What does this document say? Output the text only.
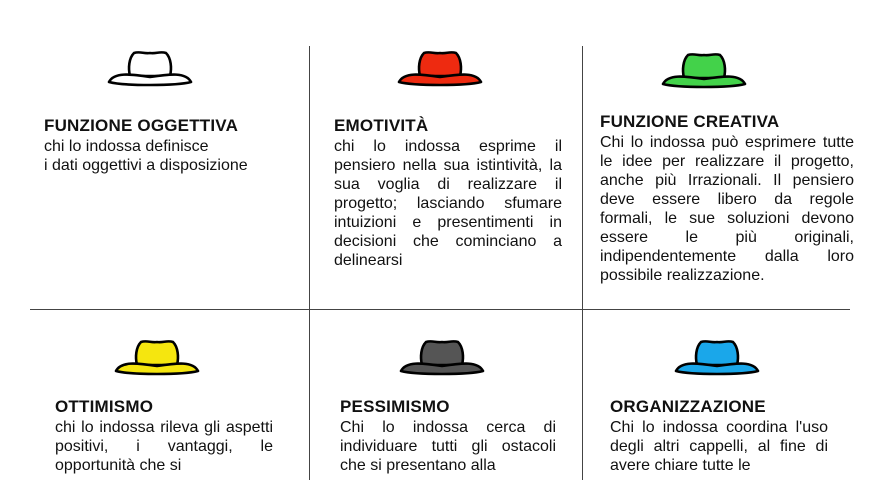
FUNZIONE OGGETTIVA
chi lo indossa definisce
i dati oggettivi a disposizione
EMOTIVITÀ

chi lo indossa esprime il pensiero nella sua istintività, la sua voglia di realizzare il progetto; lasciando sfumare intuizioni e presentimenti in decisioni che cominciano a delinearsi

FUNZIONE CREATIVA

Chi lo indossa può esprimere tutte le idee per realizzare il progetto, anche più Irrazionali. Il pensiero deve essere libero da regole formali, le sue soluzioni devono essere le più originali, indipendentemente dalla loro possibile realizzazione.

OTTIMISMO

chi lo indossa rileva gli aspetti positivi, i vantaggi, le opportunità che si

PESSIMISMO

Chi lo indossa cerca di individuare tutti gli ostacoli che si presentano alla

ORGANIZZAZIONE

Chi lo indossa coordina l'uso degli altri cappelli, al fine di avere chiare tutte le
